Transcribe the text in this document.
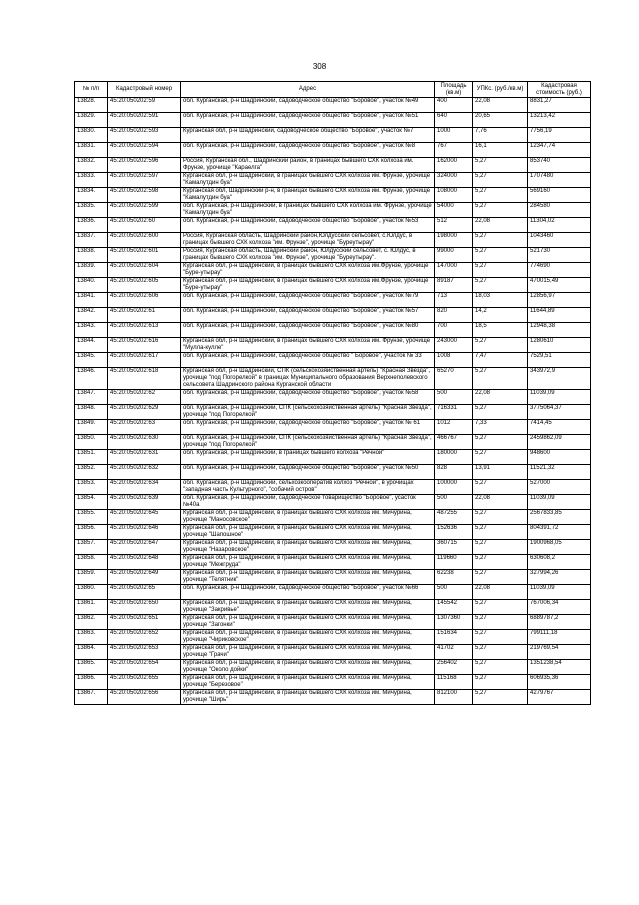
308
№ п/п	Кадастровый номер	Адрес	Площадь (кв.м)	УПКс. (руб./кв.м)	Кадастровая стоимость (руб.)
13828.	45:20:050202:59	обл. Курганская, р-н Шадринский, садоводческое общество "Боровое", участок №49	400	22,08	8831,27
13829.	45:20:050202:591	обл. Курганская, р-н Шадринский, садоводческое общество "Боровое", участок №51	640	20,65	13213,42
13830.	45:20:050202:593	Курганская обл, р-н Шадринский, садоводческое общество "Боровое", участок №7	1000	7,76	7756,19
13831.	45:20:050202:594	обл. Курганская, р-н Шадринский, садоводческое общество "Боровое", участок №8	767	16,1	12347,74
13832.	45:20:050202:596	Россия, Курганская обл., Шадринский район, в границах бывшего СХК колхоза им. Фрунзе, урочище "Караелга"	162000	5,27	853740
13833.	45:20:050202:597	Курганская обл, р-н Шадринский, в границах бывшего СХК колхоза им. Фрунзе, урочище "Камалутдин буа"	324000	5,27	1707480
13834.	45:20:050202:598	Курганская обл, Шадринский р-н, в границах бывшего СХК колхоза им. Фрунзе, урочище "Камалутдин буа"	108000	5,27	569160
13835.	45:20:050202:599	обл. Курганская, р-н Шадринский, в границах бывшего СХК колхоза им. Фрунзе, урочище "Камалутдин буа"	54000	5,27	284580
13836.	45:20:050202:60	обл. Курганская, р-н Шадринский, садоводческое общество "Боровое", участок №53	512	22,08	11304,02
13837.	45:20:050202:600	Россия, Курганская область, Шадринский район,Юлдусский сельсовет, с.Юлдус, в границах бывшего СХК колхоза "им. Фрунзе", урочище "Буреутырау"	198000	5,27	1043460
13838.	45:20:050202:601	Россия, Курганская область, Шадринский район, Юлдусский сельсовет, с. Юлдус, в границах бывшего СХК колхоза "им. Фрунзе", урочище "Буреутырау".	99000	5,27	521730
13839.	45:20:050202:604	Курганская обл, р-н Шадринский, в границах бывшего СХК колхоза им.Фрунзе, урочище "Буре-утырау"	147000	5,27	774690
13840.	45:20:050202:605	Курганская обл, р-н Шадринский, в границах бывшего СХК колхоза им.Фрунзе, урочище "Буре-утырау"	89187	5,27	470015,49
13841.	45:20:050202:606	обл. Курганская, р-н Шадринский, садоводческое общество "Боровое", участок №79	713	18,03	12856,97
13842.	45:20:050202:61	обл. Курганская, р-н Шадринский, садоводческое общество "Боровое", участок №57	820	14,2	11644,89
13843.	45:20:050202:613	обл. Курганская, р-н Шадринский, садоводческое общество "Боровое", участок №80	700	18,5	12948,38
13844.	45:20:050202:616	Курганская обл, р-н Шадринский, в границах бывшего СХК колхоза им. Фрунзе, урочище "Мулла-кулле"	243000	5,27	1280610
13845.	45:20:050202:617	обл. Курганская, р-н Шадринский, садоводческое общество " Боровое", участок № 33	1008	7,47	7529,51
13846.	45:20:050202:618	Курганская обл, р-н Шадринский, СПК (сельскохозяйственная артель) "Красная Звезда", урочище "под Погорелкой" в границах Муниципального образования Верхнеполевского сельсовета Шадринского района Курганской области	65270	5,27	343972,9
13847.	45:20:050202:62	обл. Курганская, р-н Шадринский, садоводческое общество "Боровое", участок №58	500	22,08	11039,09
13848.	45:20:050202:629	обл. Курганская, р-н Шадринский, СПК (сельскохозяйственная артель) "Красная Звезда", урочище "под Погорелкой"	716331	5,27	3775064,37
13849.	45:20:050202:63	обл. Курганская, р-н Шадринский, садоводческое общество "Боровое", участок № 61	1012	7,33	7414,45
13850.	45:20:050202:630	обл. Курганская, р-н Шадринский, СПК (сельскохозяйственная артель) "Красная Звезда", урочище "под Погорелкой"	466767	5,27	2459862,09
13851.	45:20:050202:631	обл. Курганская, р-н Шадринский, в границах бывшего колхоза "Речной"	180000	5,27	948600
13852.	45:20:050202:632	обл. Курганская, р-н Шадринский, садоводческое общество "Боровое", участок №50	828	13,91	11521,32
13853.	45:20:050202:634	обл. Курганская, р-н Шадринский, сельхозкооператив колхоз "Речной", в урочищах "западная часть Культурного", "собачий остров"	100000	5,27	527000
13854.	45:20:050202:639	обл. Курганская, р-н Шадринский, садоводческое товарищество "Боровое", усасток №40а	500	22,08	11039,09
13855.	45:20:050202:645	Курганская обл, р-н Шадринский, в границах бывшего СХК колхоза им. Мичурина, урочище "Маносовское"	487255	5,27	2567833,85
13856.	45:20:050202:646	Курганская обл, р-н Шадринский, в границах бывшего СХК колхоза им. Мичурина, урочище "Шапошное"	152636	5,27	804391,72
13857.	45:20:050202:647	Курганская обл, р-н Шадринский, в границах бывшего СХК колхоза им. Мичурина, урочище "Назаровское"	360715	5,27	1900968,05
13858.	45:20:050202:648	Курганская обл, р-н Шадринский, в границах бывшего СХК колхоза им. Мичурина, урочище "Межгруда"	119660	5,27	630608,2
13859.	45:20:050202:649	Курганская обл, р-н Шадринский, в границах бывшего СХК колхоза им. Мичурина, урочище "Телятник"	62238	5,27	327994,26
13860.	45:20:050202:65	обл. Курганская, р-н Шадринский, садоводческое общество "Боровое", участок №66	500	22,08	11039,09
13861.	45:20:050202:650	Курганская обл, р-н Шадринский, в границах бывшего СХК колхоза им. Мичурина, урочище "Закривье"	145542	5,27	767006,34
13862.	45:20:050202:651	Курганская обл, р-н Шадринский, в границах бывшего СХК колхоза им. Мичурина, урочище "Загонки"	1307360	5,27	6889787,2
13863.	45:20:050202:652	Курганская обл, р-н Шадринский, в границах бывшего СХК колхоза им. Мичурина, урочище "Чириковское"	151634	5,27	799111,18
13864.	45:20:050202:653	Курганская обл, р-н Шадринский, в границах бывшего СХК колхоза им. Мичурина, урочище "Грачи"	41702	5,27	219769,54
13865.	45:20:050202:654	Курганская обл, р-н Шадринский, в границах бывшего СХК колхоза им. Мичурина, урочище "Около дойки"	256402	5,27	1351238,54
13866.	45:20:050202:655	Курганская обл, р-н Шадринский, в границах бывшего СХК колхоза им. Мичурина, урочище "Березовое"	115168	5,27	606935,36
13867.	45:20:050202:656	Курганская обл, р-н Шадринский, в границах бывшего СХК колхоза им. Мичурина, урочище "Ширь"	812100	5,27	4279767
